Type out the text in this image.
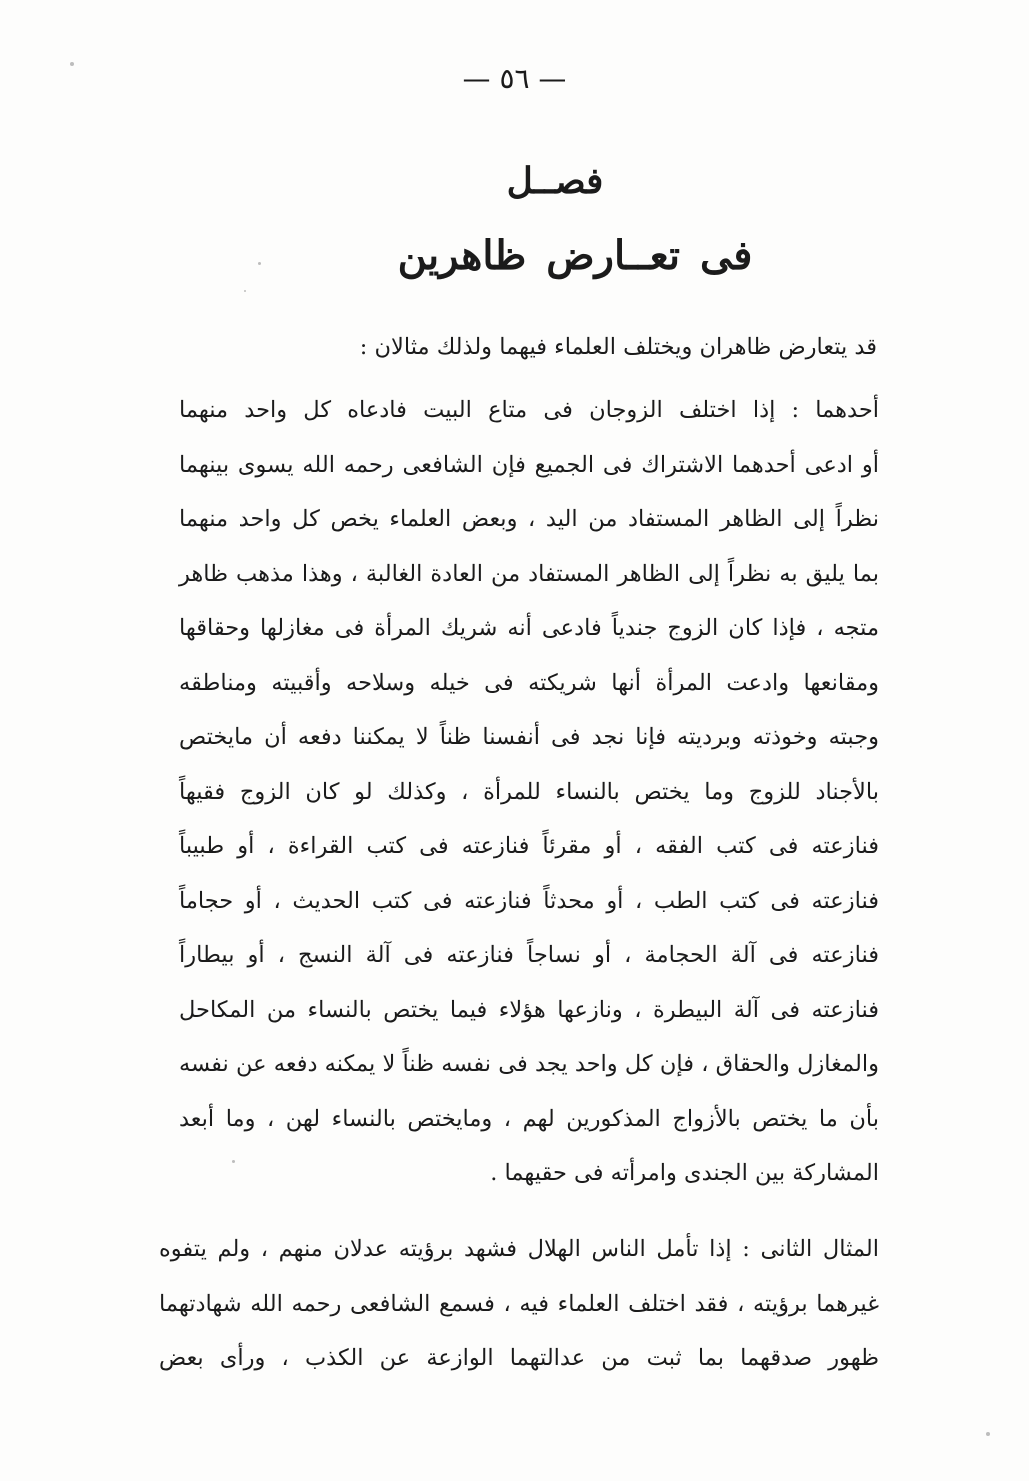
— ٥٦ —
فصــل
فى تعــارض ظاهرين
قد يتعارض ظاهران ويختلف العلماء فيهما ولذلك مثالان :
أحدهما : إذا اختلف الزوجان فى متاع البيت فادعاه كل واحد منهما
أو ادعى أحدهما الاشتراك فى الجميع فإن الشافعى رحمه الله يسوى بينهما
نظراً إلى الظاهر المستفاد من اليد ، وبعض العلماء يخص كل واحد منهما
بما يليق به نظراً إلى الظاهر المستفاد من العادة الغالبة ، وهذا مذهب ظاهر
متجه ، فإذا كان الزوج جندياً فادعى أنه شريك المرأة فى مغازلها وحقاقها
ومقانعها وادعت المرأة أنها شريكته فى خيله وسلاحه وأقبيته ومناطقه
وجبته وخوذته وبرديته فإنا نجد فى أنفسنا ظناً لا يمكننا دفعه أن مايختص
بالأجناد للزوج وما يختص بالنساء للمرأة ، وكذلك لو كان الزوج فقيهاً
فنازعته فى كتب الفقه ، أو مقرئاً فنازعته فى كتب القراءة ، أو طبيباً
فنازعته فى كتب الطب ، أو محدثاً فنازعته فى كتب الحديث ، أو حجاماً
فنازعته فى آلة الحجامة ، أو نساجاً فنازعته فى آلة النسج ، أو بيطاراً
فنازعته فى آلة البيطرة ، ونازعها هؤلاء فيما يختص بالنساء من المكاحل
والمغازل والحقاق ، فإن كل واحد يجد فى نفسه ظناً لا يمكنه دفعه عن نفسه
بأن ما يختص بالأزواج المذكورين لهم ، ومايختص بالنساء لهن ، وما أبعد
المشاركة بين الجندى وامرأته فى حقيهما .
المثال الثانى : إذا تأمل الناس الهلال فشهد برؤيته عدلان منهم ، ولم يتفوه
غيرهما برؤيته ، فقد اختلف العلماء فيه ، فسمع الشافعى رحمه الله شهادتهما
ظهور صدقهما بما ثبت من عدالتهما الوازعة عن الكذب ، ورأى بعض
